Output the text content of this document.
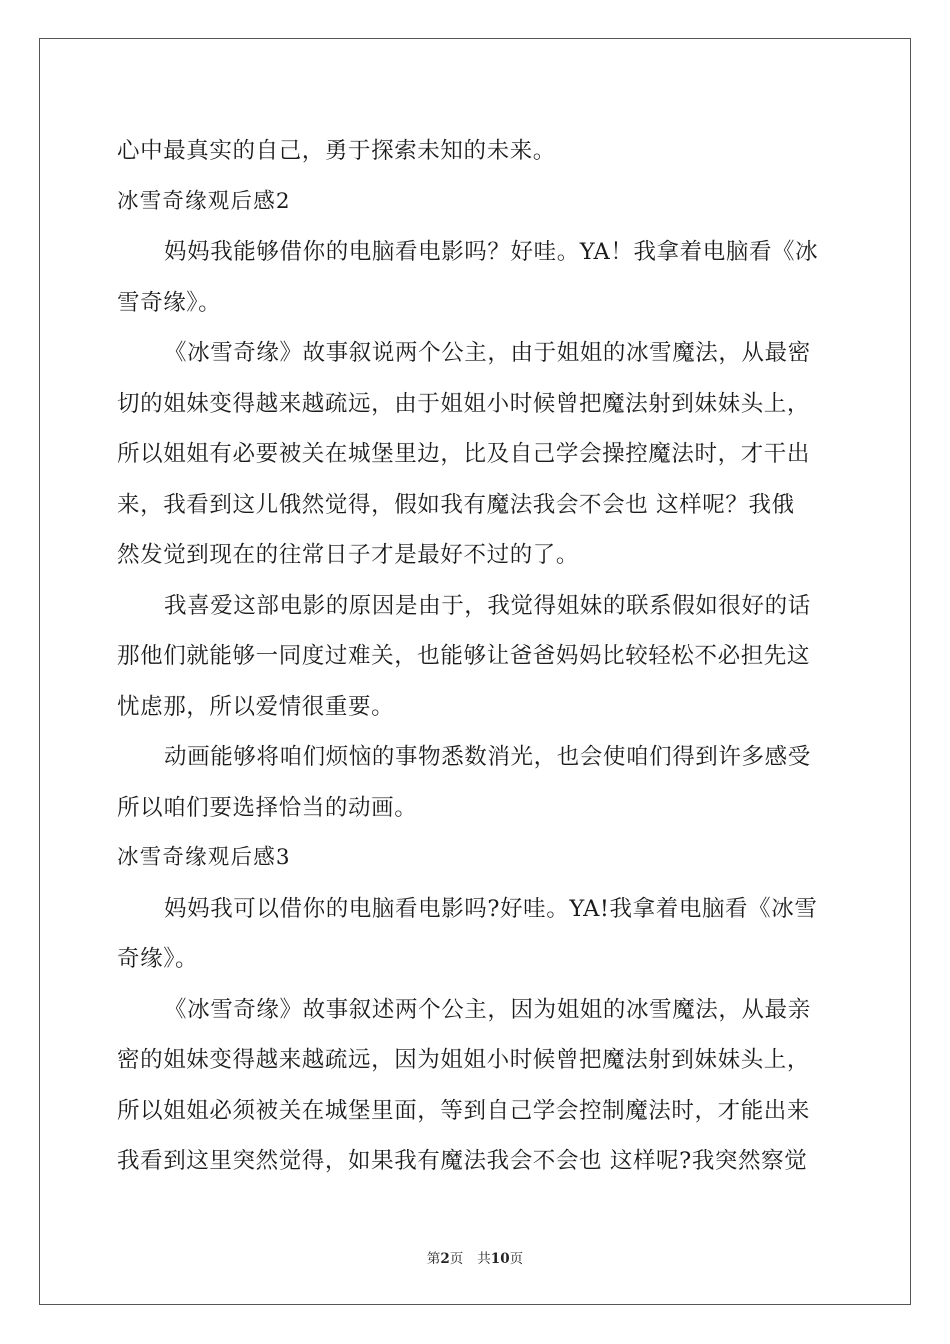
心中最真实的自己，勇于探索未知的未来。
冰雪奇缘观后感2
妈妈我能够借你的电脑看电影吗？好哇。YA！我拿着电脑看《冰
雪奇缘》。
《冰雪奇缘》故事叙说两个公主，由于姐姐的冰雪魔法，从最密
切的姐妹变得越来越疏远，由于姐姐小时候曾把魔法射到妹妹头上，
所以姐姐有必要被关在城堡里边，比及自己学会操控魔法时，才干出
来，我看到这儿俄然觉得，假如我有魔法我会不会也 这样呢？我俄
然发觉到现在的往常日子才是最好不过的了。
我喜爱这部电影的原因是由于，我觉得姐妹的联系假如很好的话
那他们就能够一同度过难关，也能够让爸爸妈妈比较轻松不必担先这
忧虑那，所以爱情很重要。
动画能够将咱们烦恼的事物悉数消光，也会使咱们得到许多感受
所以咱们要选择恰当的动画。
冰雪奇缘观后感3
妈妈我可以借你的电脑看电影吗?好哇。YA!我拿着电脑看《冰雪
奇缘》。
《冰雪奇缘》故事叙述两个公主，因为姐姐的冰雪魔法，从最亲
密的姐妹变得越来越疏远，因为姐姐小时候曾把魔法射到妹妹头上，
所以姐姐必须被关在城堡里面，等到自己学会控制魔法时，才能出来
我看到这里突然觉得，如果我有魔法我会不会也 这样呢?我突然察觉
第2页 共10页
